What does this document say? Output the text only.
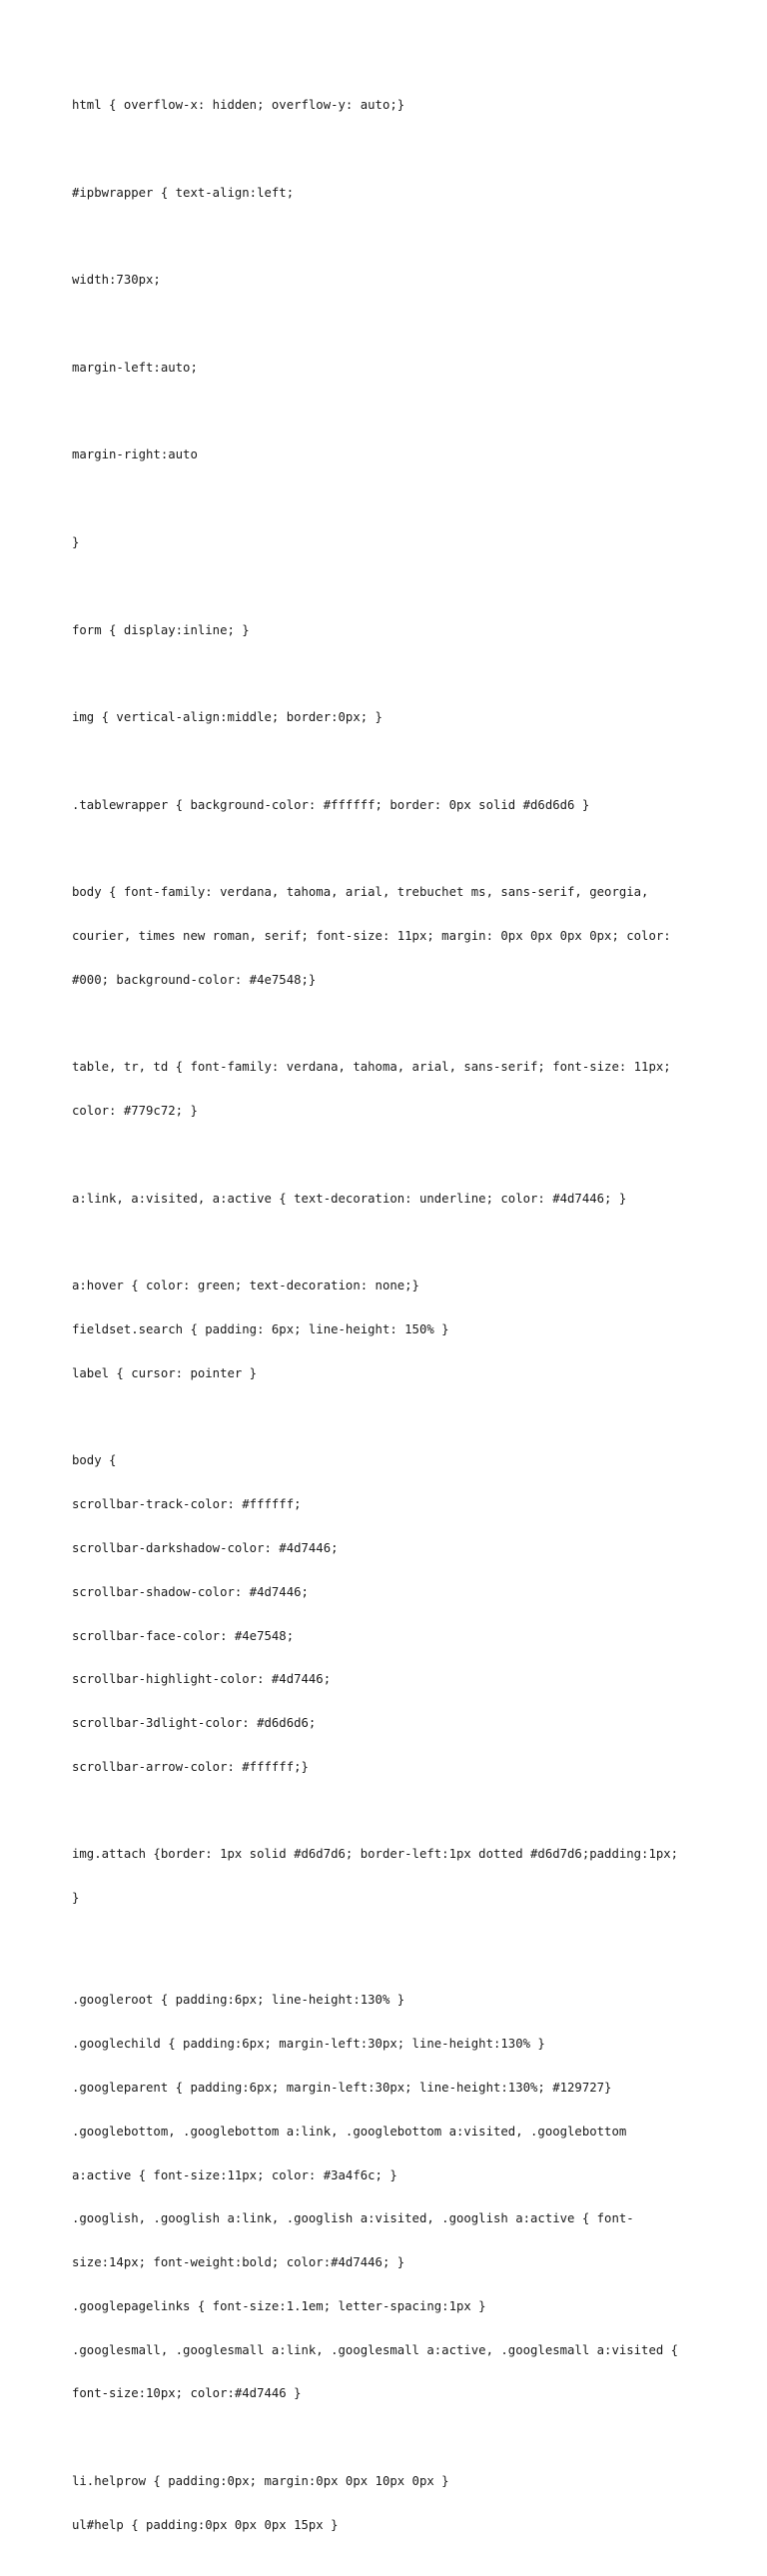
html { overflow-x: hidden; overflow-y: auto;}

#ipbwrapper { text-align:left;

width:730px;

margin-left:auto;

margin-right:auto

}

form { display:inline; }

img { vertical-align:middle; border:0px; }

.tablewrapper { background-color: #ffffff; border: 0px solid #d6d6d6 }

body { font-family: verdana, tahoma, arial, trebuchet ms, sans-serif, georgia,

courier, times new roman, serif; font-size: 11px; margin: 0px 0px 0px 0px; color:

#000; background-color: #4e7548;}

table, tr, td { font-family: verdana, tahoma, arial, sans-serif; font-size: 11px;

color: #779c72; }

a:link, a:visited, a:active { text-decoration: underline; color: #4d7446; }

a:hover { color: green; text-decoration: none;}

fieldset.search { padding: 6px; line-height: 150% }

label { cursor: pointer }

body {

scrollbar-track-color: #ffffff;

scrollbar-darkshadow-color: #4d7446;

scrollbar-shadow-color: #4d7446;

scrollbar-face-color: #4e7548;

scrollbar-highlight-color: #4d7446;

scrollbar-3dlight-color: #d6d6d6;

scrollbar-arrow-color: #ffffff;}

img.attach {border: 1px solid #d6d7d6; border-left:1px dotted #d6d7d6;padding:1px;

}

.googleroot { padding:6px; line-height:130% }

.googlechild { padding:6px; margin-left:30px; line-height:130% }

.googleparent { padding:6px; margin-left:30px; line-height:130%; #129727}

.googlebottom, .googlebottom a:link, .googlebottom a:visited, .googlebottom

a:active { font-size:11px; color: #3a4f6c; }

.googlish, .googlish a:link, .googlish a:visited, .googlish a:active { font-

size:14px; font-weight:bold; color:#4d7446; }

.googlepagelinks { font-size:1.1em; letter-spacing:1px }

.googlesmall, .googlesmall a:link, .googlesmall a:active, .googlesmall a:visited {

font-size:10px; color:#4d7446 }

li.helprow { padding:0px; margin:0px 0px 10px 0px }

ul#help { padding:0px 0px 0px 15px }
